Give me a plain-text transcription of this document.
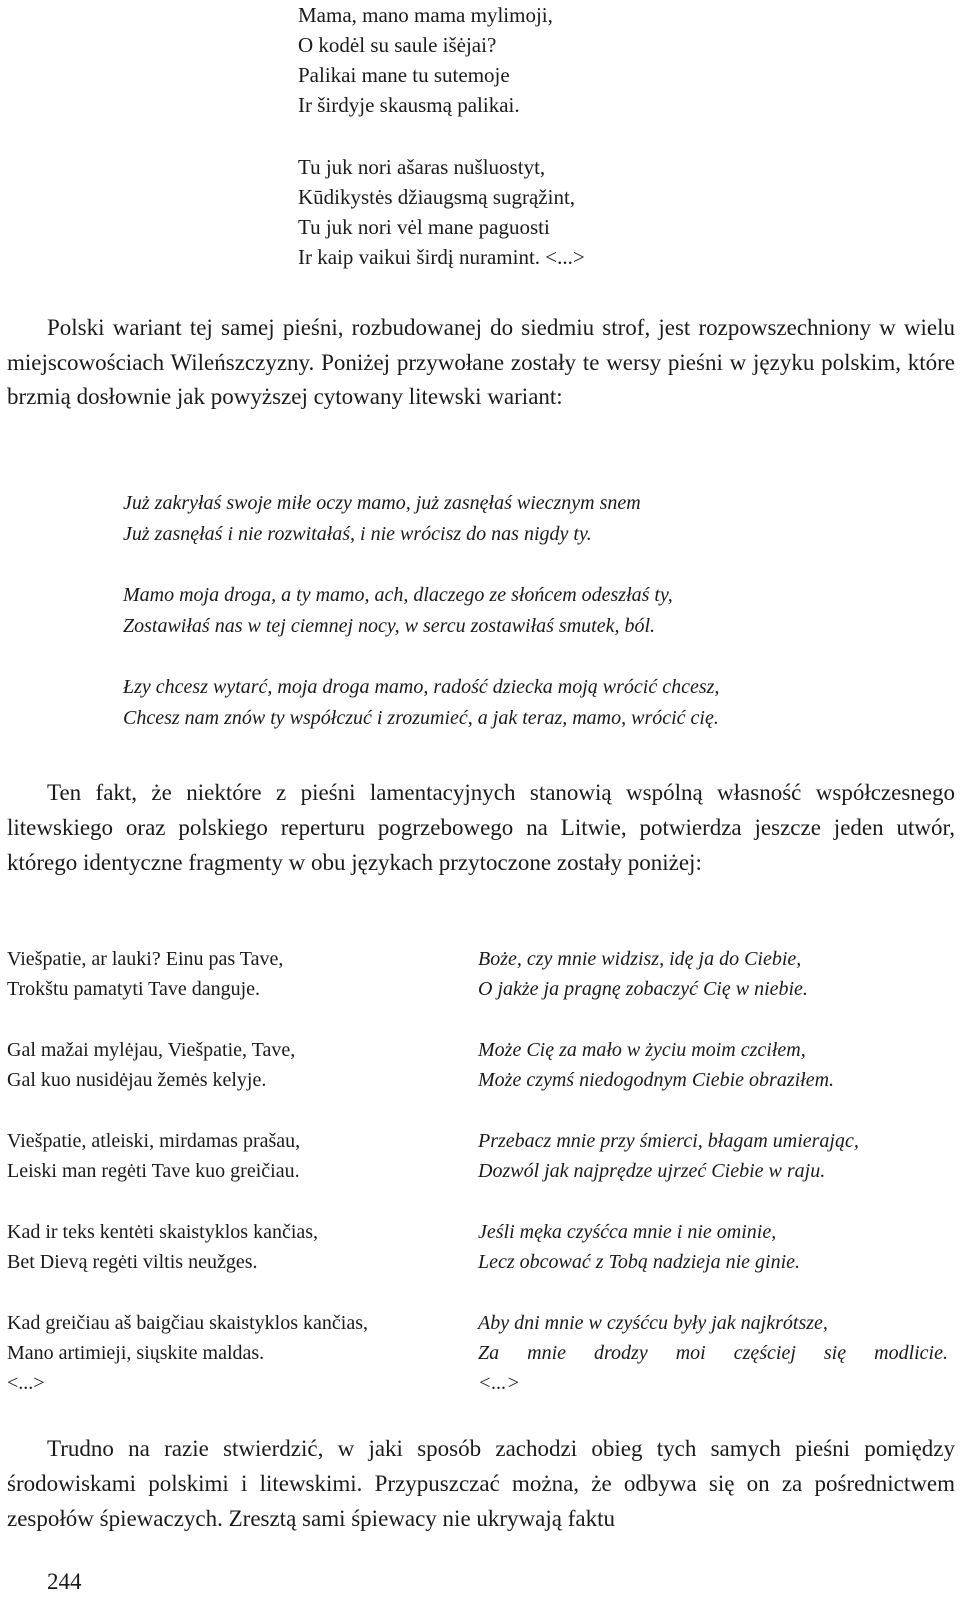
Mama, mano mama mylimoji,
O kodėl su saule išėjai?
Palikai mane tu sutemoje
Ir širdyje skausmą palikai.
Tu juk nori ašaras nušluostyt,
Kūdikystės džiaugsmą sugrąžint,
Tu juk nori vėl mane paguosti
Ir kaip vaikui širdį nuramint. <...>
Polski wariant tej samej pieśni, rozbudowanej do siedmiu strof, jest rozpowszechniony w wielu miejscowościach Wileńszczyzny. Poniżej przywołane zostały te wersy pieśni w języku polskim, które brzmią dosłownie jak powyższej cytowany litewski wariant:
Już zakryłaś swoje miłe oczy mamo, już zasnęłaś wiecznym snem
Już zasnęłaś i nie rozwitałaś, i nie wrócisz do nas nigdy ty.
Mamo moja droga, a ty mamo, ach, dlaczego ze słońcem odeszłaś ty,
Zostawiłaś nas w tej ciemnej nocy, w sercu zostawiłaś smutek, ból.
Łzy chcesz wytarć, moja droga mamo, radość dziecka moją wrócić chcesz,
Chcesz nam znów ty współczuć i zrozumieć, a jak teraz, mamo, wrócić cię.
Ten fakt, że niektóre z pieśni lamentacyjnych stanowią wspólną własność współczesnego litewskiego oraz polskiego reperturu pogrzebowego na Litwie, potwierdza jeszcze jeden utwór, którego identyczne fragmenty w obu językach przytoczone zostały poniżej:
Viešpatie, ar lauki? Einu pas Tave,
Trokštu pamatyti Tave danguje.
Gal mažai mylėjau, Viešpatie, Tave,
Gal kuo nusidėjau žemės kelyje.
Viešpatie, atleiski, mirdamas prašau,
Leiski man regėti Tave kuo greičiau.
Kad ir teks kentėti skaistyklos kančias,
Bet Dievą regėti viltis neužges.
Kad greičiau aš baigčiau skaistyklos kančias,
Mano artimieji, siųskite maldas.
<...>
Boże, czy mnie widzisz, idę ja do Ciebie,
O jakże ja pragnę zobaczyć Cię w niebie.
Może Cię za mało w życiu moim czciłem,
Może czymś niedogodnym Ciebie obraziłem.
Przebacz mnie przy śmierci, błagam umierając,
Dozwól jak najprędze ujrzeć Ciebie w raju.
Jeśli męka czyśćca mnie i nie ominie,
Lecz obcować z Tobą nadzieja nie ginie.
Aby dni mnie w czyśćcu były jak najkrótsze,
Za mnie drodzy moi częściej się modlicie.
<...>
Trudno na razie stwierdzić, w jaki sposób zachodzi obieg tych samych pieśni pomiędzy środowiskami polskimi i litewskimi. Przypuszczać można, że odbywa się on za pośrednictwem zespołów śpiewaczych. Zresztą sami śpiewacy nie ukrywają faktu
244
